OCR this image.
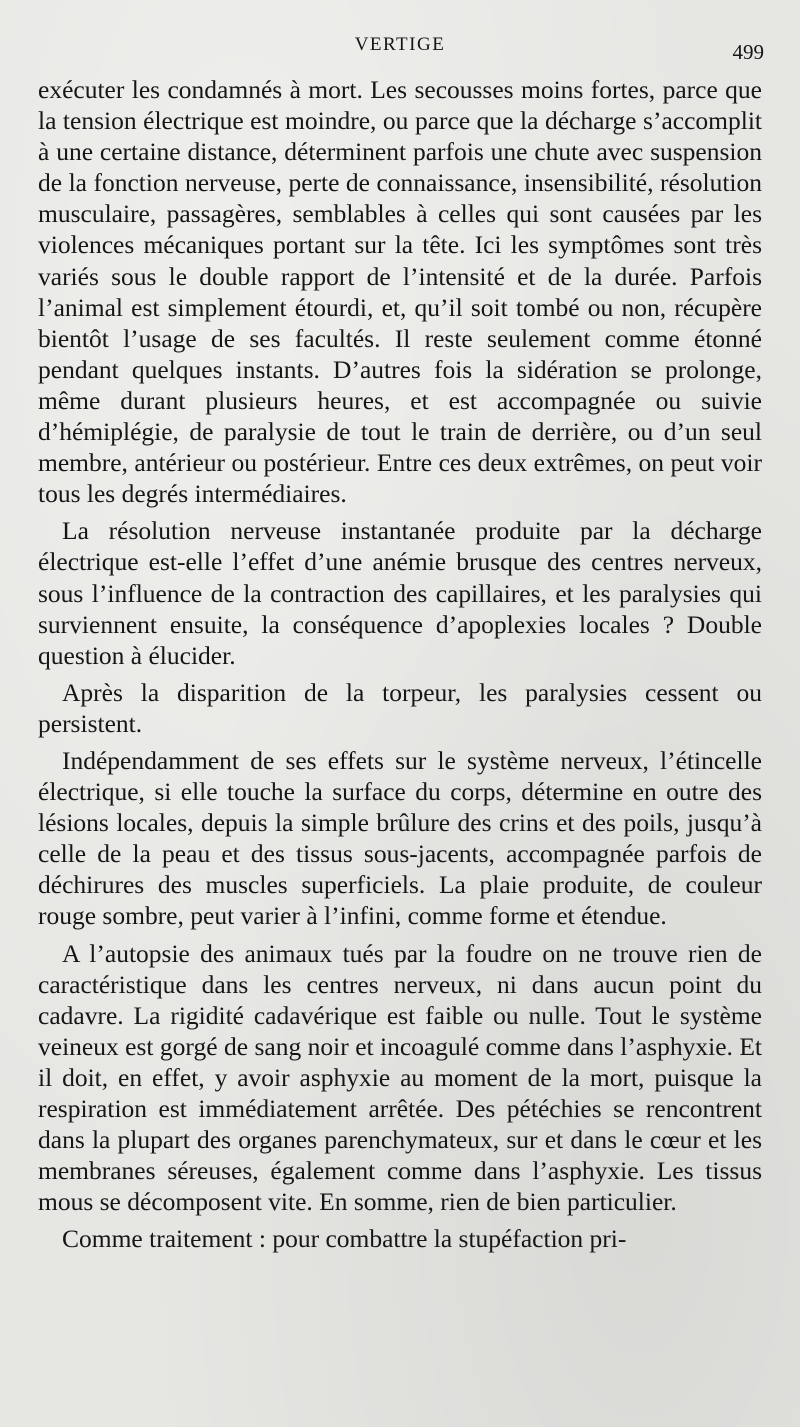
VERTIGE	499

exécuter les condamnés à mort. Les secousses moins fortes, parce que la tension électrique est moindre, ou parce que la décharge s’accomplit à une certaine distance, déterminent parfois une chute avec suspension de la fonction nerveuse, perte de connaissance, insensibilité, résolution musculaire, passagères, semblables à celles qui sont causées par les violences mécaniques portant sur la tête. Ici les symptômes sont très variés sous le double rapport de l’intensité et de la durée. Parfois l’animal est simplement étourdi, et, qu’il soit tombé ou non, récupère bientôt l’usage de ses facultés. Il reste seulement comme étonné pendant quelques instants. D’autres fois la sidération se prolonge, même durant plusieurs heures, et est accompagnée ou suivie d’hémiplégie, de paralysie de tout le train de derrière, ou d’un seul membre, antérieur ou postérieur. Entre ces deux extrêmes, on peut voir tous les degrés intermédiaires.

La résolution nerveuse instantanée produite par la décharge électrique est-elle l’effet d’une anémie brusque des centres nerveux, sous l’influence de la contraction des capillaires, et les paralysies qui surviennent ensuite, la conséquence d’apoplexies locales ? Double question à élucider.

Après la disparition de la torpeur, les paralysies cessent ou persistent.

Indépendamment de ses effets sur le système nerveux, l’étincelle électrique, si elle touche la surface du corps, détermine en outre des lésions locales, depuis la simple brûlure des crins et des poils, jusqu’à celle de la peau et des tissus sous-jacents, accompagnée parfois de déchirures des muscles superficiels. La plaie produite, de couleur rouge sombre, peut varier à l’infini, comme forme et étendue.

A l’autopsie des animaux tués par la foudre on ne trouve rien de caractéristique dans les centres nerveux, ni dans aucun point du cadavre. La rigidité cadavérique est faible ou nulle. Tout le système veineux est gorgé de sang noir et incoagulé comme dans l’asphyxie. Et il doit, en effet, y avoir asphyxie au moment de la mort, puisque la respiration est immédiatement arrêtée. Des pétéchies se rencontrent dans la plupart des organes parenchymateux, sur et dans le cœur et les membranes séreuses, également comme dans l’asphyxie. Les tissus mous se décomposent vite. En somme, rien de bien particulier.

Comme traitement : pour combattre la stupéfaction pri-
